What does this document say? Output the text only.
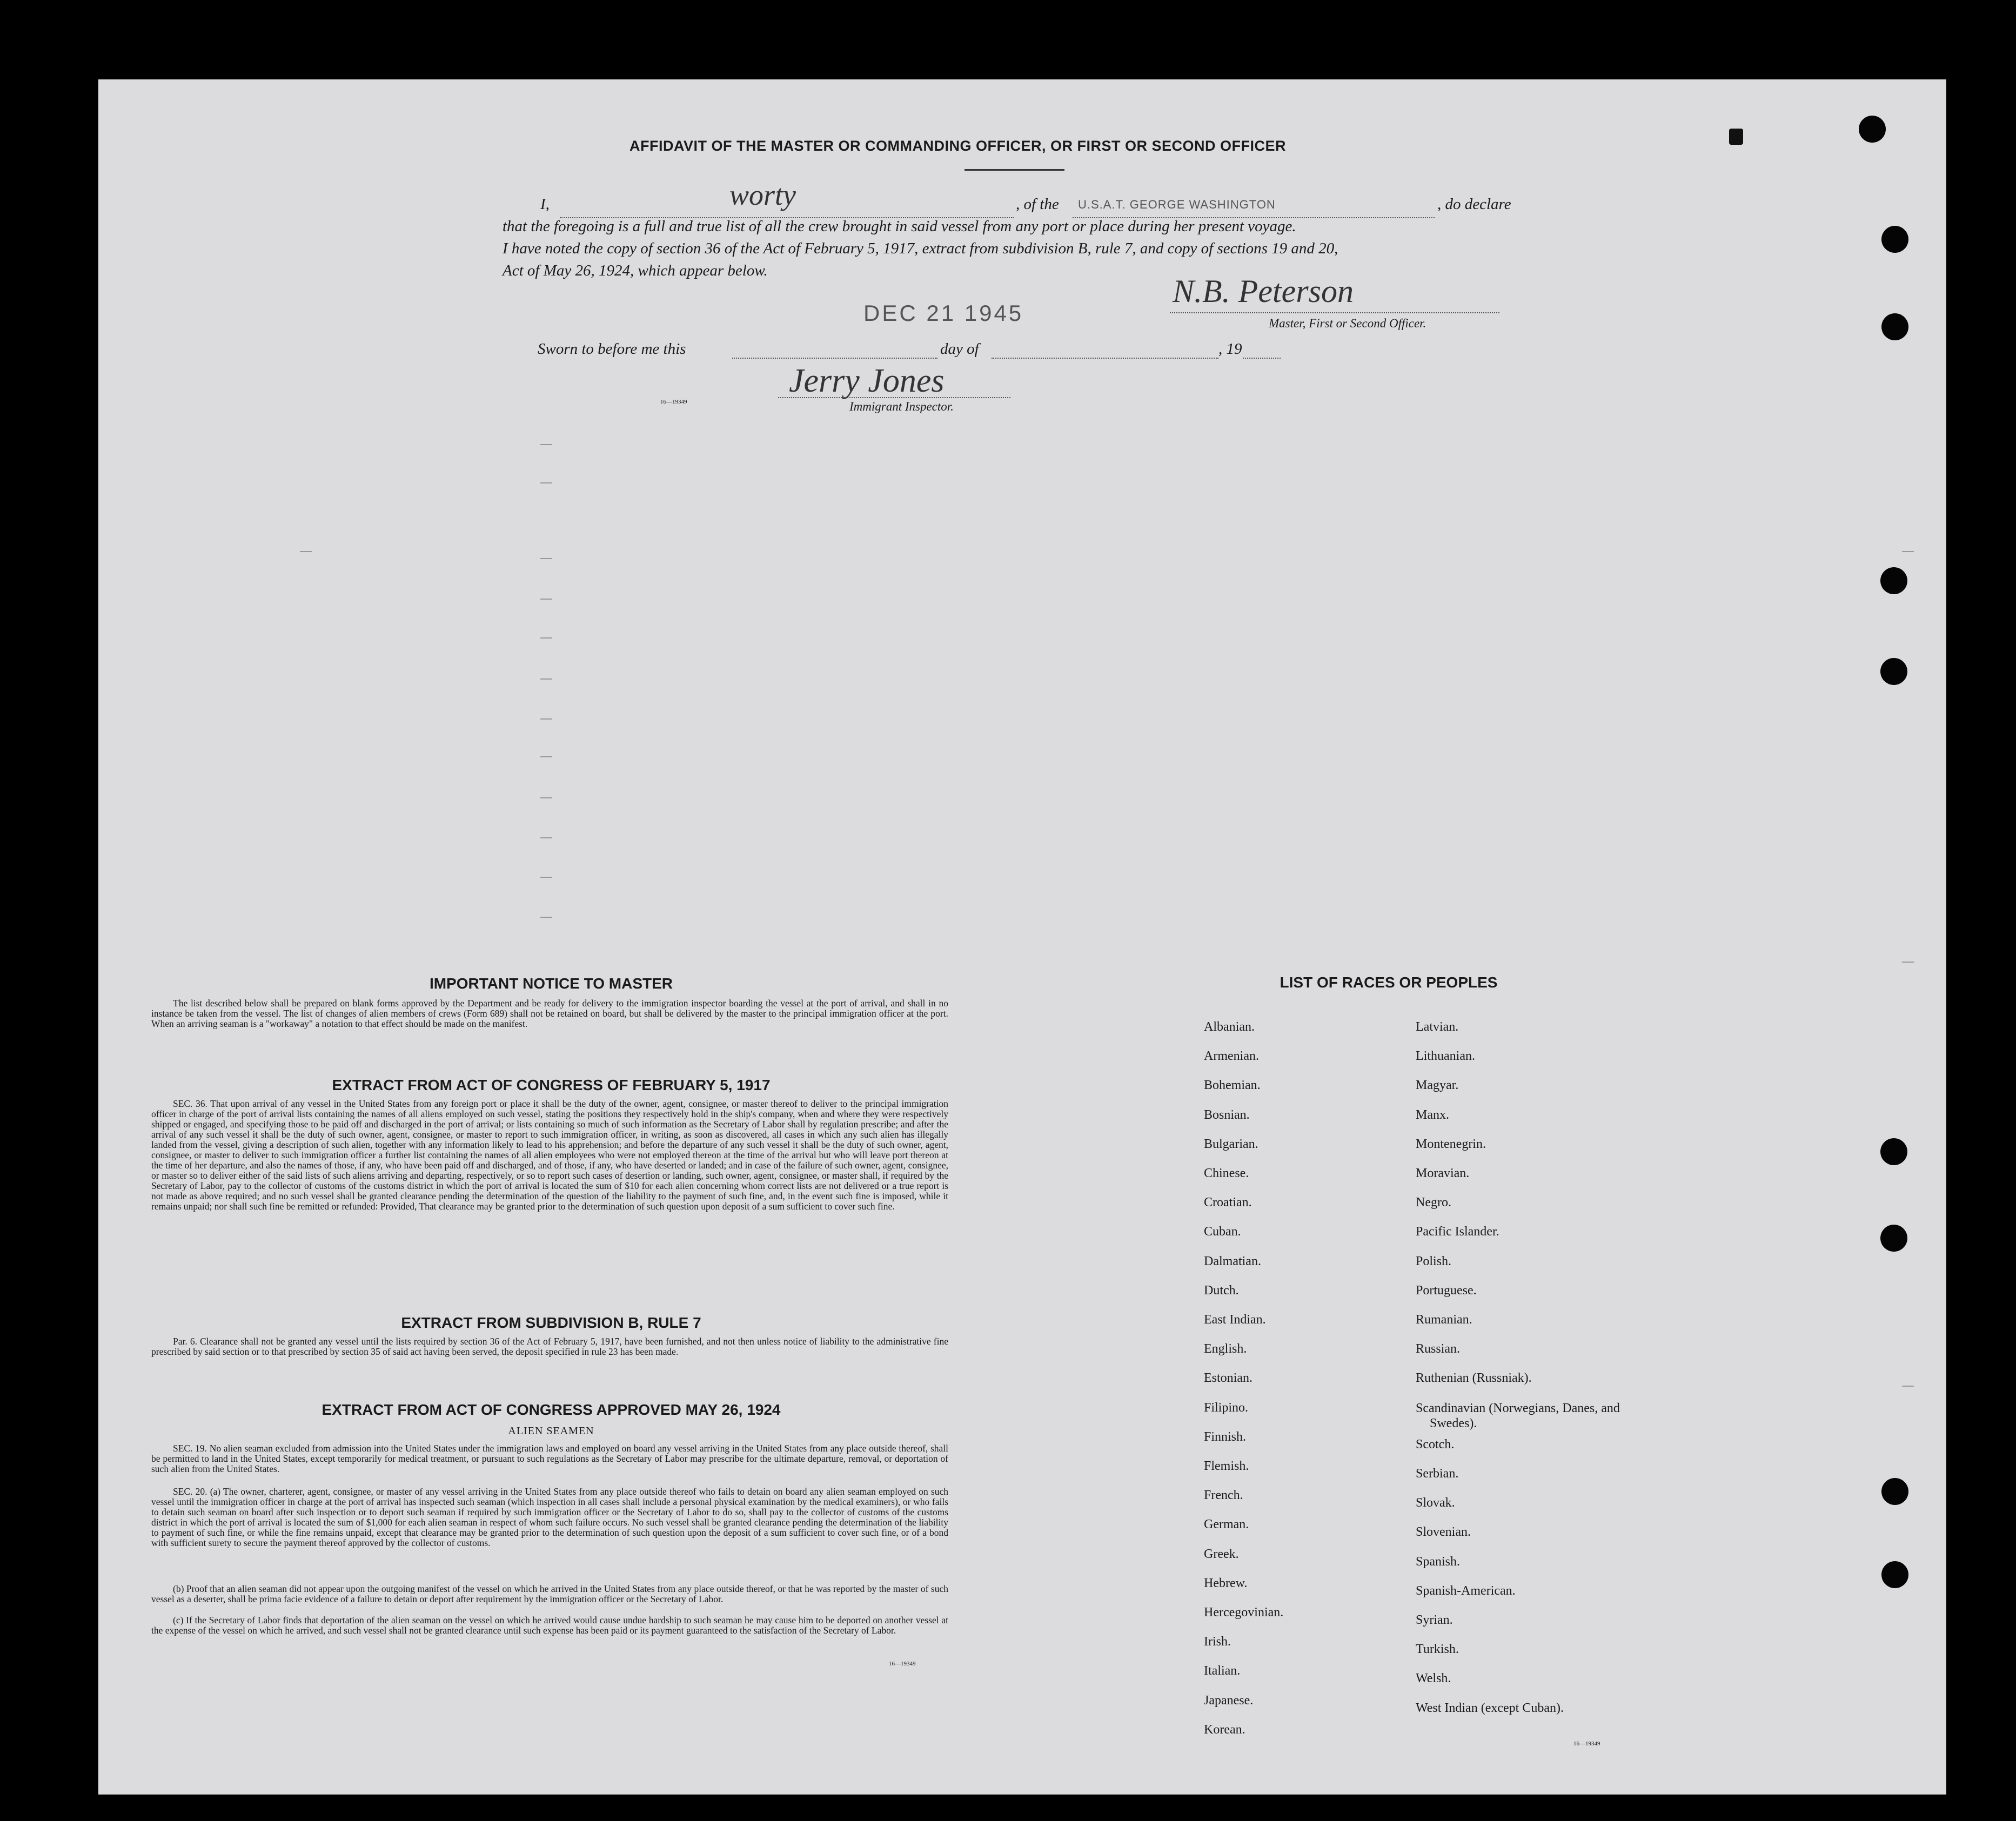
AFFIDAVIT OF THE MASTER OR COMMANDING OFFICER, OR FIRST OR SECOND OFFICER
I,	worty	, of the U.S.A.T. GEORGE WASHINGTON	, do declare
that the foregoing is a full and true list of all the crew brought in said vessel from any port or place during her present voyage.
I have noted the copy of section 36 of the Act of February 5, 1917, extract from subdivision B, rule 7, and copy of sections 19 and 20,
Act of May 26, 1924, which appear below.
DEC 21 1945
N.B. Peterson
Master, First or Second Officer.
Sworn to before me this	day of	, 19
Jerry Jones
16—19349	Immigrant Inspector.
IMPORTANT NOTICE TO MASTER
The list described below shall be prepared on blank forms approved by the Department and be ready for delivery to the immigration inspector boarding the vessel at the port of arrival, and shall in no instance be taken from the vessel. The list of changes of alien members of crews (Form 689) shall not be retained on board, but shall be delivered by the master to the principal immigration officer at the port. When an arriving seaman is a "workaway" a notation to that effect should be made on the manifest.
EXTRACT FROM ACT OF CONGRESS OF FEBRUARY 5, 1917
SEC. 36. That upon arrival of any vessel in the United States from any foreign port or place it shall be the duty of the owner, agent, consignee, or master thereof to deliver to the principal immigration officer in charge of the port of arrival lists containing the names of all aliens employed on such vessel, stating the positions they respectively hold in the ship's company, when and where they were respectively shipped or engaged, and specifying those to be paid off and discharged in the port of arrival; or lists containing so much of such information as the Secretary of Labor shall by regulation prescribe; and after the arrival of any such vessel it shall be the duty of such owner, agent, consignee, or master to report to such immigration officer, in writing, as soon as discovered, all cases in which any such alien has illegally landed from the vessel, giving a description of such alien, together with any information likely to lead to his apprehension; and before the departure of any such vessel it shall be the duty of such owner, agent, consignee, or master to deliver to such immigration officer a further list containing the names of all alien employees who were not employed thereon at the time of the arrival but who will leave port thereon at the time of her departure, and also the names of those, if any, who have been paid off and discharged, and of those, if any, who have deserted or landed; and in case of the failure of such owner, agent, consignee, or master so to deliver either of the said lists of such aliens arriving and departing, respectively, or so to report such cases of desertion or landing, such owner, agent, consignee, or master shall, if required by the Secretary of Labor, pay to the collector of customs of the customs district in which the port of arrival is located the sum of $10 for each alien concerning whom correct lists are not delivered or a true report is not made as above required; and no such vessel shall be granted clearance pending the determination of the question of the liability to the payment of such fine, and, in the event such fine is imposed, while it remains unpaid; nor shall such fine be remitted or refunded: Provided, That clearance may be granted prior to the determination of such question upon deposit of a sum sufficient to cover such fine.
EXTRACT FROM SUBDIVISION B, RULE 7
Par. 6. Clearance shall not be granted any vessel until the lists required by section 36 of the Act of February 5, 1917, have been furnished, and not then unless notice of liability to the administrative fine prescribed by said section or to that prescribed by section 35 of said act having been served, the deposit specified in rule 23 has been made.
EXTRACT FROM ACT OF CONGRESS APPROVED MAY 26, 1924
ALIEN SEAMEN
SEC. 19. No alien seaman excluded from admission into the United States under the immigration laws and employed on board any vessel arriving in the United States from any place outside thereof, shall be permitted to land in the United States, except temporarily for medical treatment, or pursuant to such regulations as the Secretary of Labor may prescribe for the ultimate departure, removal, or deportation of such alien from the United States.
SEC. 20. (a) The owner, charterer, agent, consignee, or master of any vessel arriving in the United States from any place outside thereof who fails to detain on board any alien seaman employed on such vessel until the immigration officer in charge at the port of arrival has inspected such seaman (which inspection in all cases shall include a personal physical examination by the medical examiners), or who fails to detain such seaman on board after such inspection or to deport such seaman if required by such immigration officer or the Secretary of Labor to do so, shall pay to the collector of customs of the customs district in which the port of arrival is located the sum of $1,000 for each alien seaman in respect of whom such failure occurs. No such vessel shall be granted clearance pending the determination of the liability to payment of such fine, or while the fine remains unpaid, except that clearance may be granted prior to the determination of such question upon the deposit of a sum sufficient to cover such fine, or of a bond with sufficient surety to secure the payment thereof approved by the collector of customs.
(b) Proof that an alien seaman did not appear upon the outgoing manifest of the vessel on which he arrived in the United States from any place outside thereof, or that he was reported by the master of such vessel as a deserter, shall be prima facie evidence of a failure to detain or deport after requirement by the immigration officer or the Secretary of Labor.
(c) If the Secretary of Labor finds that deportation of the alien seaman on the vessel on which he arrived would cause undue hardship to such seaman he may cause him to be deported on another vessel at the expense of the vessel on which he arrived, and such vessel shall not be granted clearance until such expense has been paid or its payment guaranteed to the satisfaction of the Secretary of Labor.
16—19349
LIST OF RACES OR PEOPLES
Albanian.
Armenian.
Bohemian.
Bosnian.
Bulgarian.
Chinese.
Croatian.
Cuban.
Dalmatian.
Dutch.
East Indian.
English.
Estonian.
Filipino.
Finnish.
Flemish.
French.
German.
Greek.
Hebrew.
Hercegovinian.
Irish.
Italian.
Japanese.
Korean.
Latvian.
Lithuanian.
Magyar.
Manx.
Montenegrin.
Moravian.
Negro.
Pacific Islander.
Polish.
Portuguese.
Rumanian.
Russian.
Ruthenian (Russniak).
Scandinavian (Norwegians, Danes, and Swedes).
Scotch.
Serbian.
Slovak.
Slovenian.
Spanish.
Spanish-American.
Syrian.
Turkish.
Welsh.
West Indian (except Cuban).
16—19349
